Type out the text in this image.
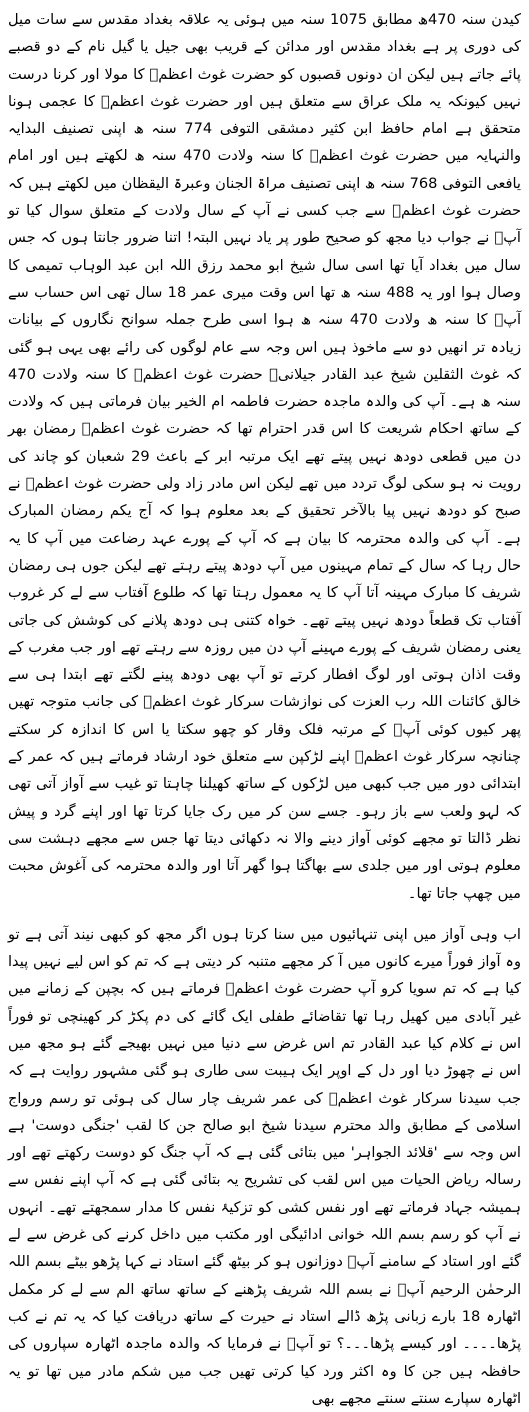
کیدن سنہ 470ھ مطابق 1075 سنہ میں ہوئی یہ علاقہ بغداد مقدس سے سات میل کی دوری پر ہے بغداد مقدس اور مدائن کے قریب بھی جیل یا گیل نام کے دو قصبے پائے جاتے ہیں لیکن ان دونوں قصبوں کو حضرت غوث اعظمؓ کا مولا اور کرنا درست نہیں کیونکہ یہ ملک عراق سے متعلق ہیں اور حضرت غوث اعظمؓ کا عجمی ہونا متحقق ہے امام حافظ ابن کثیر دمشقی التوفی 774 سنہ ھ اپنی تصنیف البدایہ والنہایہ میں حضرت غوث اعظمؓ کا سنہ ولادت 470 سنہ ھ لکھتے ہیں اور امام یافعی التوفی 768 سنہ ھ اپنی تصنیف مراۃ الجنان وعبرۃ الیقظان میں لکھتے ہیں کہ حضرت غوث اعظمؓ سے جب کسی نے آپ کے سال ولادت کے متعلق سوال کیا تو آپؓ نے جواب دیا مجھ کو صحیح طور پر یاد نہیں البتہ! اتنا ضرور جانتا ہوں کہ جس سال میں بغداد آیا تھا اسی سال شیخ ابو محمد رزق اللہ ابن عبد الوہاب تمیمی کا وصال ہوا اور یہ 488 سنہ ھ تھا اس وقت میری عمر 18 سال تھی اس حساب سے آپؓ کا سنہ ھ ولادت 470 سنہ ھ ہوا اسی طرح جملہ سوانح نگاروں کے بیانات زیادہ تر انھیں دو سے ماخوذ ہیں اس وجہ سے عام لوگوں کی رائے بھی یہی ہو گئی کہ غوث الثقلین شیخ عبد القادر جیلانیؒ حضرت غوث اعظمؓ کا سنہ ولادت 470 سنہ ھ ہے۔ آپ کی والدہ ماجدہ حضرت فاطمہ ام الخیر بیان فرماتی ہیں کہ ولادت کے ساتھ احکام شریعت کا اس قدر احترام تھا کہ حضرت غوث اعظمؓ رمضان بھر دن میں قطعی دودھ نہیں پیتے تھے ایک مرتبہ ابر کے باعث 29 شعبان کو چاند کی رویت نہ ہو سکی لوگ تردد میں تھے لیکن اس مادر زاد ولی حضرت غوث اعظمؓ نے صبح کو دودھ نہیں پیا بالآخر تحقیق کے بعد معلوم ہوا کہ آج یکم رمضان المبارک ہے۔ آپ کی والدہ محترمہ کا بیان ہے کہ آپ کے پورے عہد رضاعت میں آپ کا یہ حال رہا کہ سال کے تمام مہینوں میں آپ دودھ پیتے رہتے تھے لیکن جوں ہی رمضان شریف کا مبارک مہینہ آتا آپ کا یہ معمول رہتا تھا کہ طلوع آفتاب سے لے کر غروب آفتاب تک قطعاً دودھ نہیں پیتے تھے۔ خواہ کتنی ہی دودھ پلانے کی کوشش کی جاتی یعنی رمضان شریف کے پورے مہینے آپ دن میں روزہ سے رہتے تھے اور جب مغرب کے وقت اذان ہوتی اور لوگ افطار کرتے تو آپ بھی دودھ پینے لگتے تھے ابتدا ہی سے خالق کائنات اللہ رب العزت کی نوازشات سرکار غوث اعظمؓ کی جانب متوجہ تھیں پھر کیوں کوئی آپؓ کے مرتبہ فلک وقار کو چھو سکتا یا اس کا اندازہ کر سکتے چنانچہ سرکار غوث اعظمؓ اپنے لڑکپن سے متعلق خود ارشاد فرماتے ہیں کہ عمر کے ابتدائی دور میں جب کبھی میں لڑکوں کے ساتھ کھیلنا چاہتا تو غیب سے آواز آتی تھی کہ لہو ولعب سے باز رہو۔ جسے سن کر میں رک جایا کرتا تھا اور اپنے گرد و پیش نظر ڈالتا تو مجھے کوئی آواز دینے والا نہ دکھائی دیتا تھا جس سے مجھے دہشت سی معلوم ہوتی اور میں جلدی سے بھاگتا ہوا گھر آتا اور والدہ محترمہ کی آغوش محبت میں چھپ جاتا تھا۔

اب وہی آواز میں اپنی تنہائیوں میں سنا کرتا ہوں اگر مجھ کو کبھی نیند آتی ہے تو وہ آواز فوراً میرے کانوں میں آ کر مجھے متنبہ کر دیتی ہے کہ تم کو اس لیے نہیں پیدا کیا ہے کہ تم سویا کرو آپ حضرت غوث اعظمؓ فرماتے ہیں کہ بچپن کے زمانے میں غیر آبادی میں کھیل رہا تھا تقاضائے طفلی ایک گائے کی دم پکڑ کر کھینچی تو فوراً اس نے کلام کیا عبد القادر تم اس غرض سے دنیا میں نہیں بھیجے گئے ہو مجھ میں اس نے چھوڑ دیا اور دل کے اوپر ایک ہیبت سی طاری ہو گئی مشہور روایت ہے کہ جب سیدنا سرکار غوث اعظمؓ کی عمر شریف چار سال کی ہوئی تو رسم ورواج اسلامی کے مطابق والد محترم سیدنا شیخ ابو صالح جن کا لقب 'جنگی دوست' ہے اس وجہ سے 'قلائد الجواہر' میں بتائی گئی ہے کہ آپ جنگ کو دوست رکھتے تھے اور رسالہ ریاض الحیات میں اس لقب کی تشریح یہ بتائی گئی ہے کہ آپ اپنے نفس سے ہمیشہ جہاد فرماتے تھے اور نفس کشی کو تزکیۂ نفس کا مدار سمجھتے تھے۔ انہوں نے آپ کو رسم بسم اللہ خوانی ادائیگی اور مکتب میں داخل کرنے کی غرض سے لے گئے اور استاد کے سامنے آپؓ دوزانوں ہو کر بیٹھ گئے استاد نے کہا پڑھو بیٹے بسم اللہ الرحمٰن الرحیم آپؓ نے بسم اللہ شریف پڑھنے کے ساتھ ساتھ الم سے لے کر مکمل اٹھارہ 18 بارے زبانی پڑھ ڈالے استاد نے حیرت کے ساتھ دریافت کیا کہ یہ تم نے کب پڑھا۔۔۔۔ اور کیسے پڑھا۔۔۔؟ تو آپؓ نے فرمایا کہ والدہ ماجدہ اٹھارہ سپاروں کی حافظہ ہیں جن کا وہ اکثر ورد کیا کرتی تھیں جب میں شکم مادر میں تھا تو یہ اٹھارہ سپارے سنتے سنتے مجھے بھی
